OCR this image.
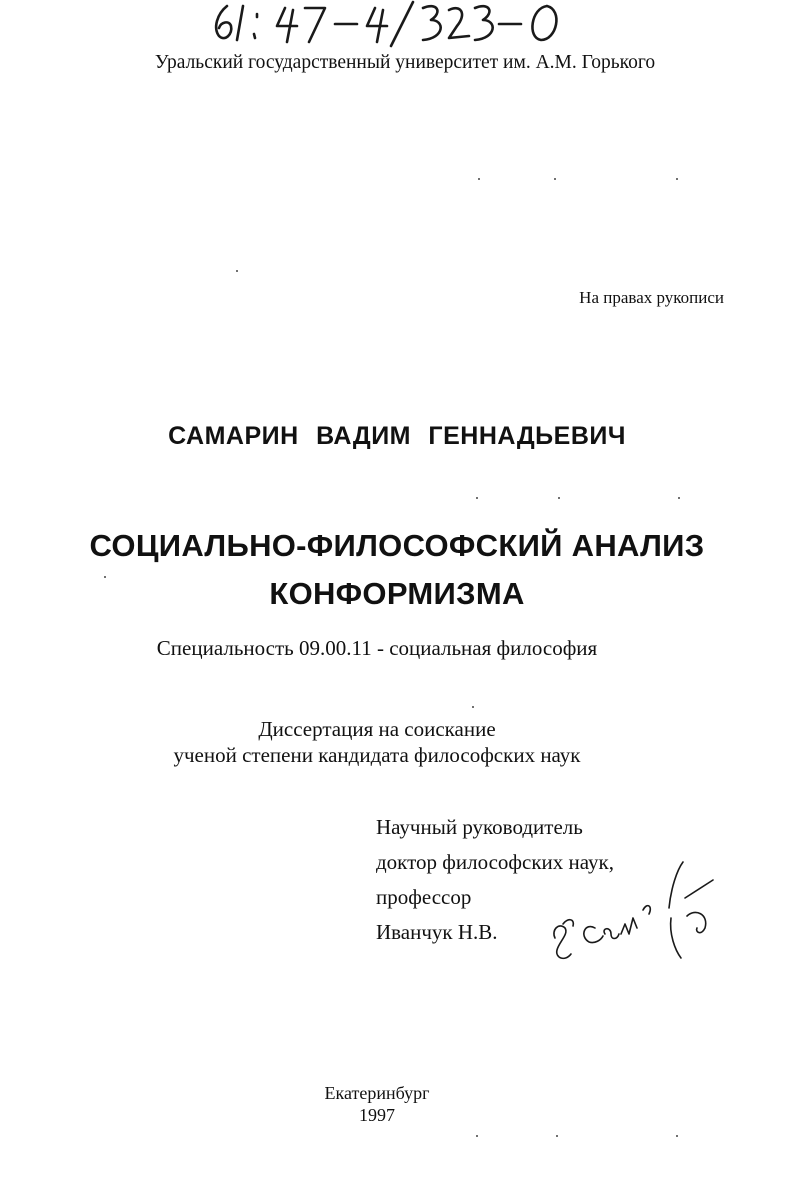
Уральский государственный университет им. А.М. Горького
На правах рукописи
САМАРИН ВАДИМ ГЕННАДЬЕВИЧ
СОЦИАЛЬНО-ФИЛОСОФСКИЙ АНАЛИЗ
КОНФОРМИЗМА
Специальность 09.00.11 - социальная философия
Диссертация на соискание
ученой степени кандидата философских наук
Научный руководитель
доктор философских наук,
профессор
Иванчук Н.В.
Екатеринбург
1997
